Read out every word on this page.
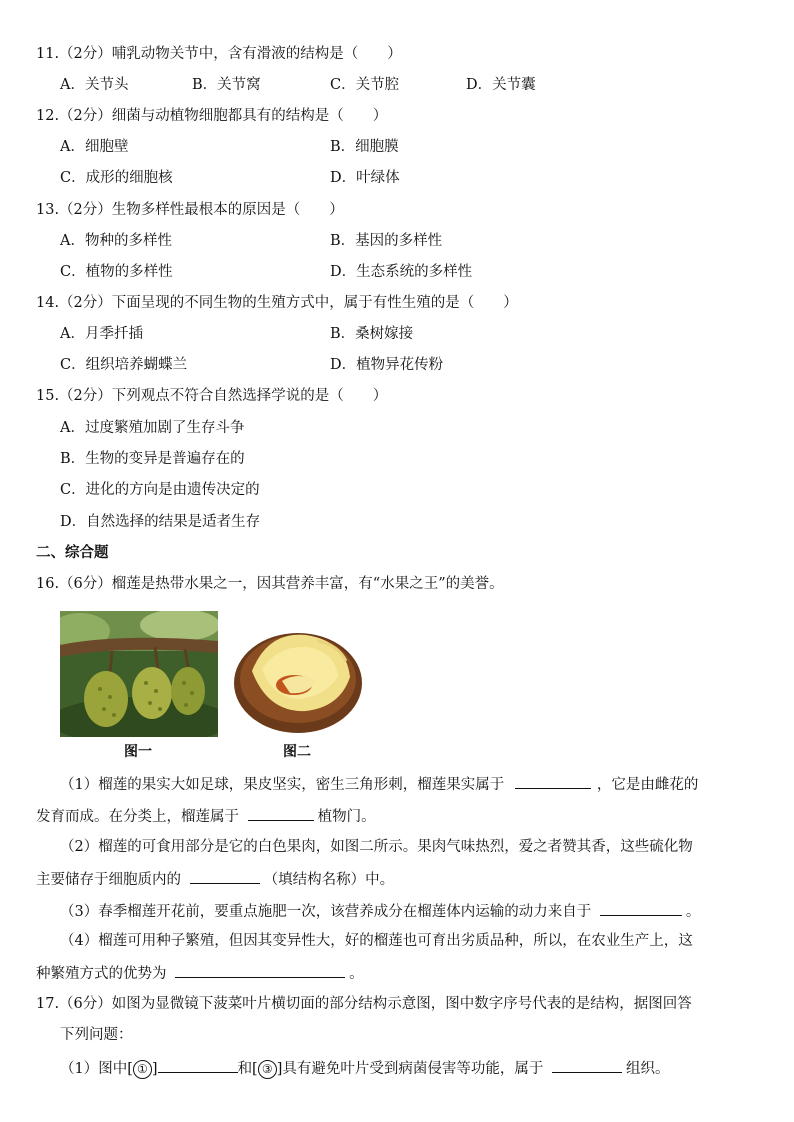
11.（2分）哺乳动物关节中，含有滑液的结构是（　　）
A．关节头	B．关节窝	C．关节腔	D．关节囊
12.（2分）细菌与动植物细胞都具有的结构是（　　）
A．细胞壁	B．细胞膜
C．成形的细胞核	D．叶绿体
13.（2分）生物多样性最根本的原因是（　　）
A．物种的多样性	B．基因的多样性
C．植物的多样性	D．生态系统的多样性
14.（2分）下面呈现的不同生物的生殖方式中，属于有性生殖的是（　　）
A．月季扦插	B．桑树嫁接
C．组织培养蝴蝶兰	D．植物异花传粉
15.（2分）下列观点不符合自然选择学说的是（　　）
A．过度繁殖加剧了生存斗争
B．生物的变异是普遍存在的
C．进化的方向是由遗传决定的
D．自然选择的结果是适者生存
二、综合题
16.（6分）榴莲是热带水果之一，因其营养丰富，有“水果之王”的美誉。
图一	图二
（1）榴莲的果实大如足球，果皮坚实，密生三角形刺，榴莲果实属于	，它是由雌花的
发育而成。在分类上，榴莲属于	植物门。
（2）榴莲的可食用部分是它的白色果肉，如图二所示。果肉气味热烈，爱之者赞其香，这些硫化物
主要储存于细胞质内的	（填结构名称）中。
（3）春季榴莲开花前，要重点施肥一次，该营养成分在榴莲体内运输的动力来自于	。
（4）榴莲可用种子繁殖，但因其变异性大，好的榴莲也可育出劣质品种，所以，在农业生产上，这
种繁殖方式的优势为	。
17.（6分）如图为显微镜下菠菜叶片横切面的部分结构示意图，图中数字序号代表的是结构，据图回答
下列问题：
（1）图中[ ① ]	和[ ③ ]具有避免叶片受到病菌侵害等功能，属于	组织。
